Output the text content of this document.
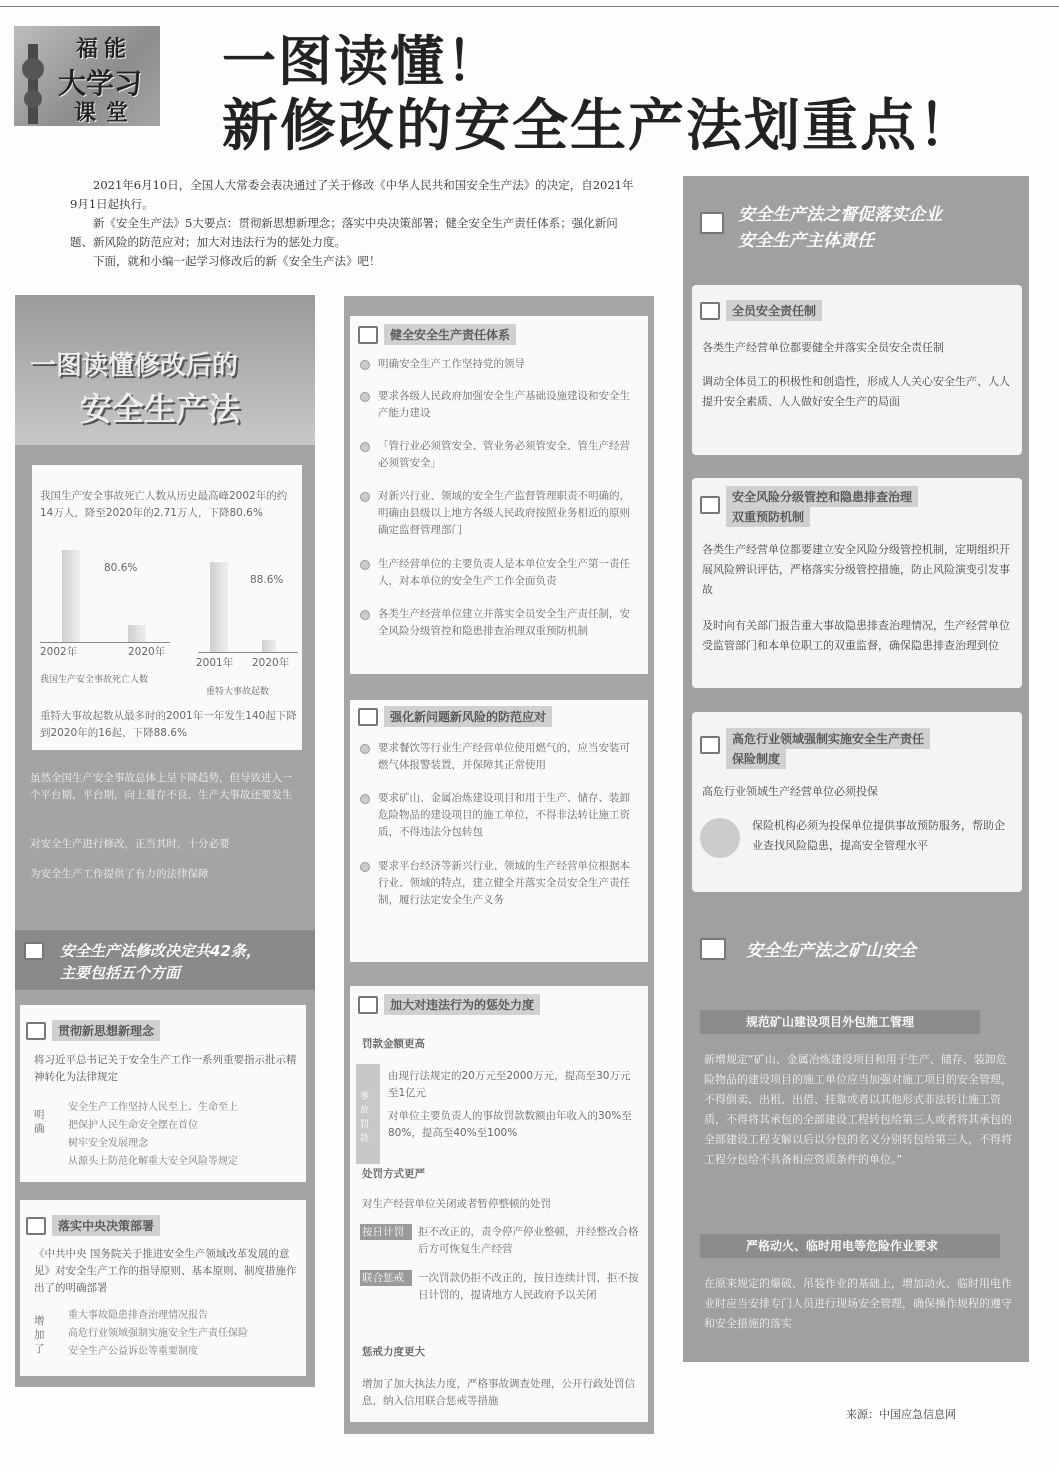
福能
大学习
课堂
一图读懂！
新修改的安全生产法划重点！

2021年6月10日，全国人大常委会表决通过了关于修改《中华人民共和国安全生产法》的决定，自2021年9月1日起执行。

新《安全生产法》5大要点：贯彻新思想新理念；落实中央决策部署；健全安全生产责任体系；强化新问题、新风险的防范应对；加大对违法行为的惩处力度。

下面，就和小编一起学习修改后的新《安全生产法》吧！

一图读懂修改后的
安全生产法
我国生产安全事故死亡人数从历史最高峰2002年的约14万人，降至2020年的2.71万人，下降80.6%
80.6%
2002年	2020年
我国生产安全事故死亡人数
88.6%
2001年 2020年
重特大事故起数
重特大事故起数从最多时的2001年一年发生140起下降到2020年的16起，下降88.6%
虽然全国生产安全事故总体上呈下降趋势，但导致进入一个平台期，平台期，向上蔓存不良，生产大事故还要发生
对安全生产进行修改，正当其时，十分必要
为安全生产工作提供了有力的法律保障
安全生产法修改决定共42条，
主要包括五个方面
贯彻新思想新理念
将习近平总书记关于安全生产工作一系列重要指示批示精神转化为法律规定
明确
安全生产工作坚持人民至上、生命至上
把保护人民生命安全摆在首位
树牢安全发展理念
从源头上防范化解重大安全风险等规定
落实中央决策部署
《中共中央 国务院关于推进安全生产领域改革发展的意见》对安全生产工作的指导原则、基本原则、制度措施作出了的明确部署
增加了
重大事故隐患排查治理情况报告
高危行业领域强制实施安全生产责任保险
安全生产公益诉讼等重要制度
健全安全生产责任体系
明确安全生产工作坚持党的领导
要求各级人民政府加强安全生产基础设施建设和安全生产能力建设
「管行业必须管安全、管业务必须管安全、管生产经营必须管安全」
对新兴行业、领域的安全生产监督管理职责不明确的，明确由县级以上地方各级人民政府按照业务相近的原则确定监督管理部门
生产经营单位的主要负责人是本单位安全生产第一责任人，对本单位的安全生产工作全面负责
各类生产经营单位建立并落实全员安全生产责任制，安全风险分级管控和隐患排查治理双重预防机制
强化新问题新风险的防范应对
要求餐饮等行业生产经营单位使用燃气的，应当安装可燃气体报警装置，并保障其正常使用
要求矿山、金属冶炼建设项目和用于生产、储存、装卸危险物品的建设项目的施工单位，不得非法转让施工资质，不得违法分包转包
要求平台经济等新兴行业、领域的生产经营单位根据本行业、领域的特点，建立健全并落实全员安全生产责任制，履行法定安全生产义务
加大对违法行为的惩处力度
罚款金额更高
事故罚款
由现行法规定的20万元至2000万元，提高至30万元至1亿元
对单位主要负责人的事故罚款数额由年收入的30%至80%，提高至40%至100%
处罚方式更严
对生产经营单位关闭或者暂停整顿的处罚
按日计罚 拒不改正的，责令停产停业整顿，并经整改合格后方可恢复生产经营
联合惩戒 一次罚款仍拒不改正的，按日连续计罚，拒不按日计罚的，提请地方人民政府予以关闭
惩戒力度更大
增加了加大执法力度，严格事故调查处理，公开行政处罚信息，纳入信用联合惩戒等措施
安全生产法之督促落实企业
安全生产主体责任
全员安全责任制
各类生产经营单位都要健全并落实全员安全责任制
调动全体员工的积极性和创造性，形成人人关心安全生产、人人提升安全素质、人人做好安全生产的局面
安全风险分级管控和隐患排查治理
双重预防机制
各类生产经营单位都要建立安全风险分级管控机制，定期组织开展风险辨识评估，严格落实分级管控措施，防止风险演变引发事故
及时向有关部门报告重大事故隐患排查治理情况，生产经营单位受监管部门和本单位职工的双重监督，确保隐患排查治理到位
高危行业领域强制实施安全生产责任
保险制度
高危行业领域生产经营单位必须投保
保险机构必须为投保单位提供事故预防服务，帮助企业查找风险隐患，提高安全管理水平
安全生产法之矿山安全
规范矿山建设项目外包施工管理
新增规定“矿山、金属冶炼建设项目和用于生产、储存、装卸危险物品的建设项目的施工单位应当加强对施工项目的安全管理，不得倒卖、出租、出借、挂靠或者以其他形式非法转让施工资质，不得将其承包的全部建设工程转包给第三人或者将其承包的全部建设工程支解以后以分包的名义分别转包给第三人，不得将工程分包给不具备相应资质条件的单位。”
严格动火、临时用电等危险作业要求
在原来规定的爆破、吊装作业的基础上，增加动火、临时用电作业时应当安排专门人员进行现场安全管理，确保操作规程的遵守和安全措施的落实
来源：中国应急信息网
